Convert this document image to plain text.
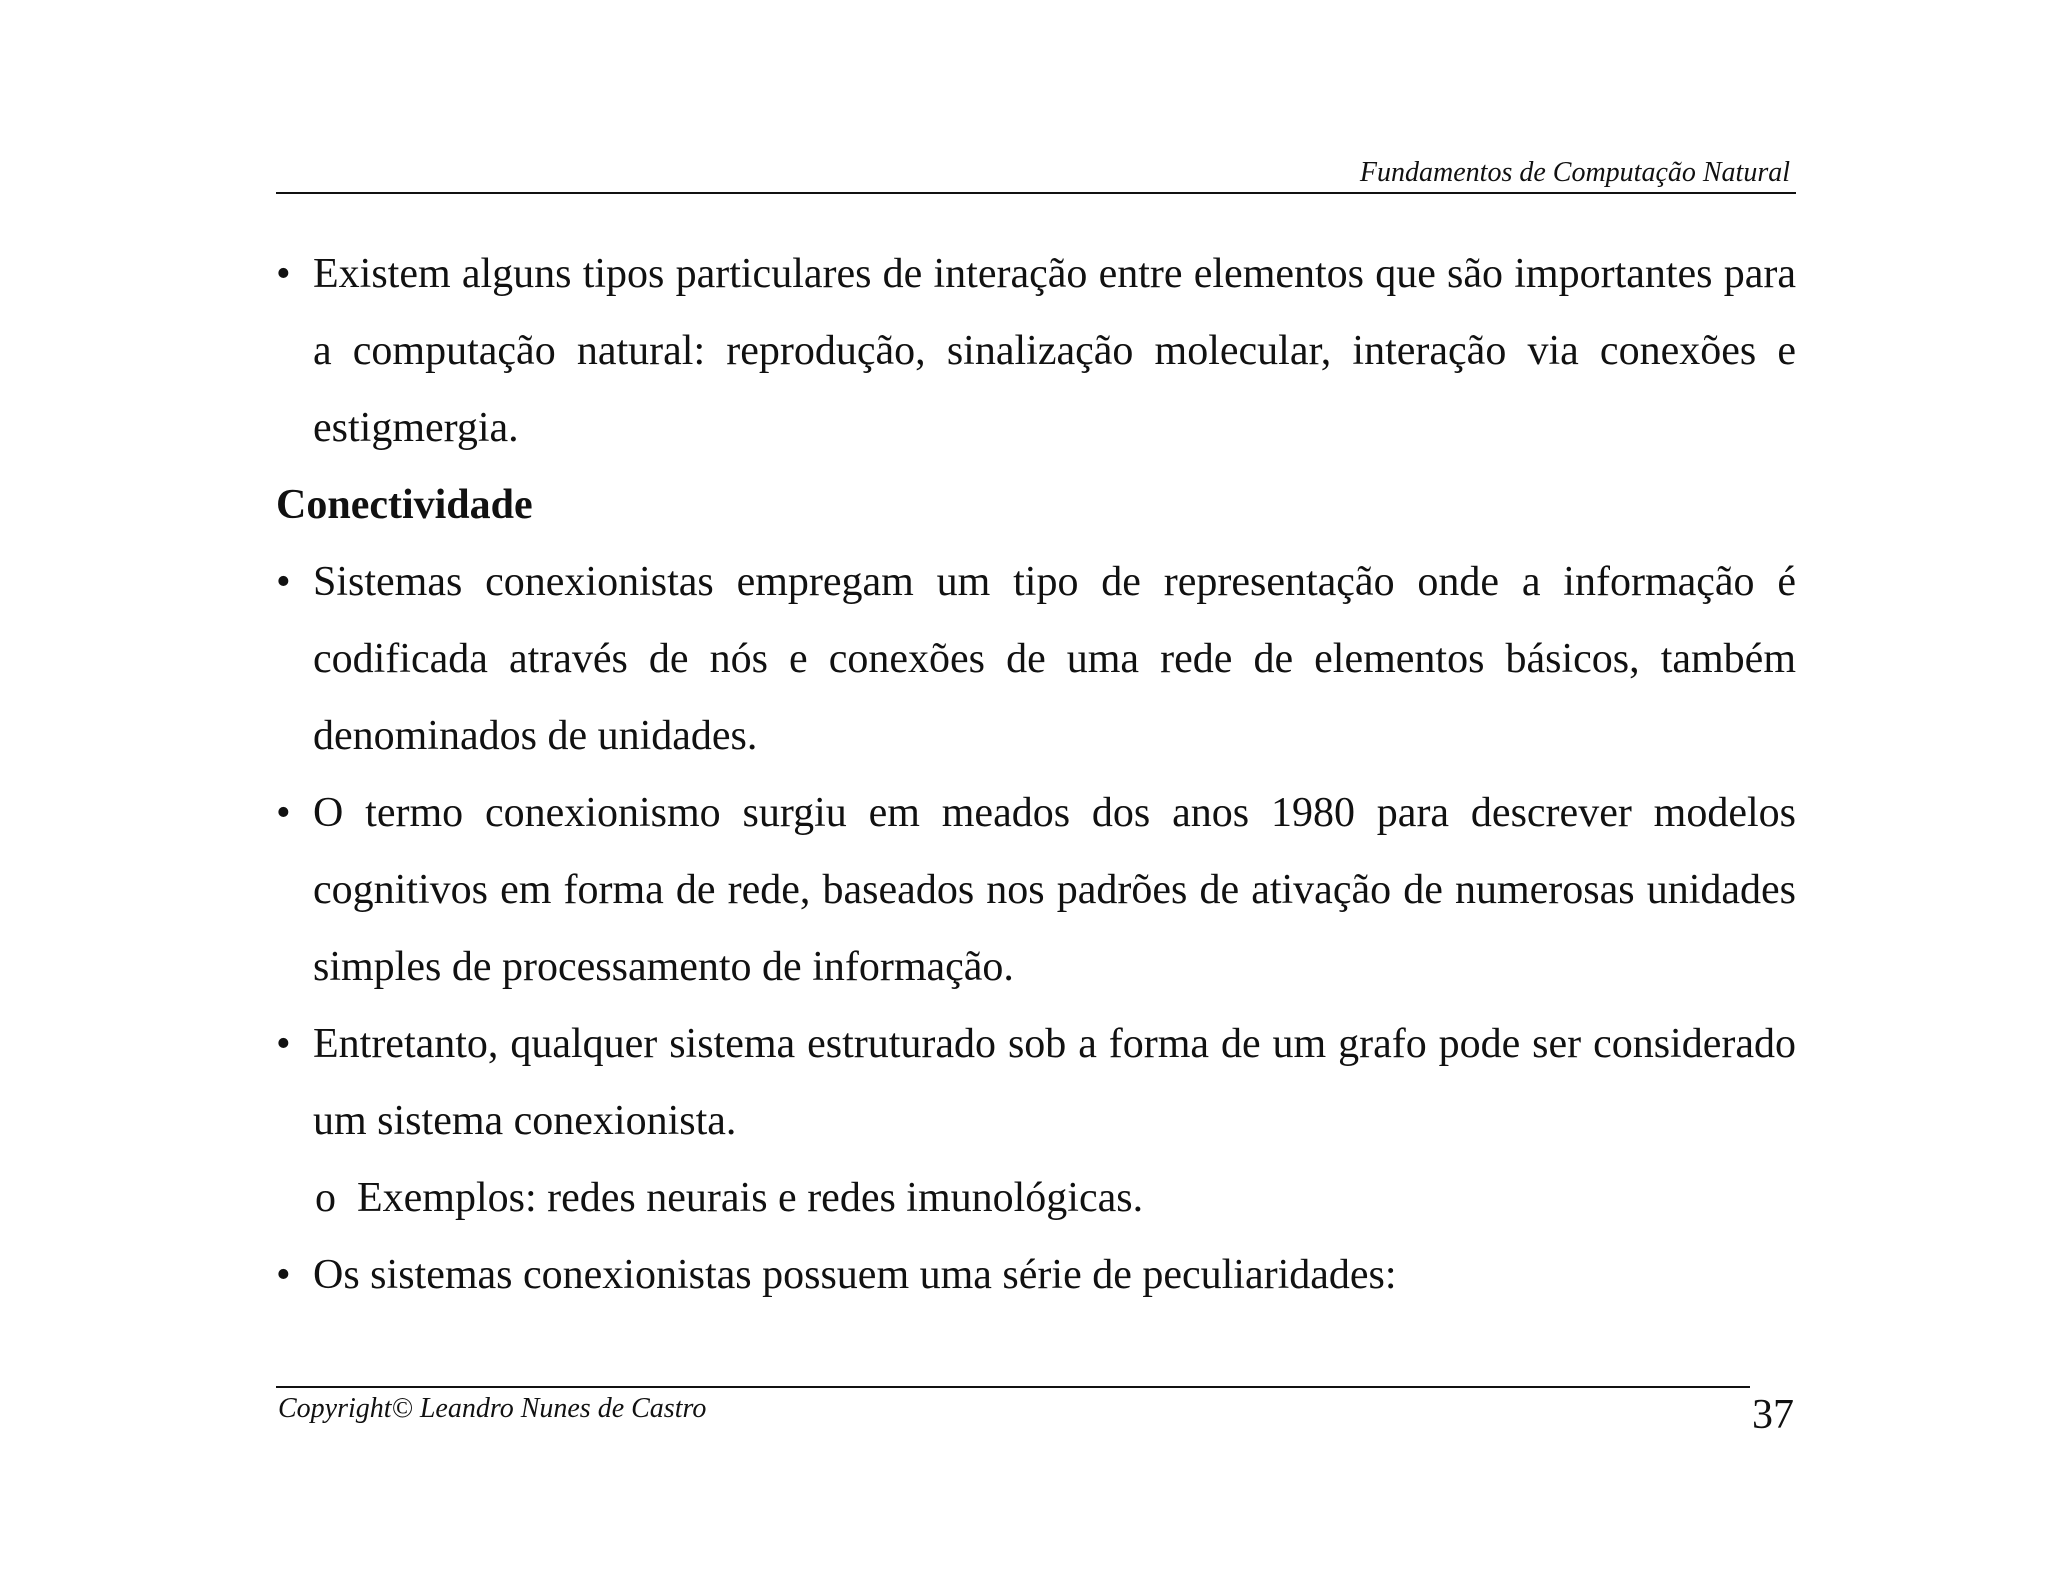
Fundamentos de Computação Natural

• Existem alguns tipos particulares de interação entre elementos que são importantes para a computação natural: reprodução, sinalização molecular, interação via conexões e estigmergia.

Conectividade

• Sistemas conexionistas empregam um tipo de representação onde a informação é codificada através de nós e conexões de uma rede de elementos básicos, também denominados de unidades.

• O termo conexionismo surgiu em meados dos anos 1980 para descrever modelos cognitivos em forma de rede, baseados nos padrões de ativação de numerosas unidades simples de processamento de informação.

• Entretanto, qualquer sistema estruturado sob a forma de um grafo pode ser considerado um sistema conexionista.

o Exemplos: redes neurais e redes imunológicas.

• Os sistemas conexionistas possuem uma série de peculiaridades:

Copyright© Leandro Nunes de Castro	37
